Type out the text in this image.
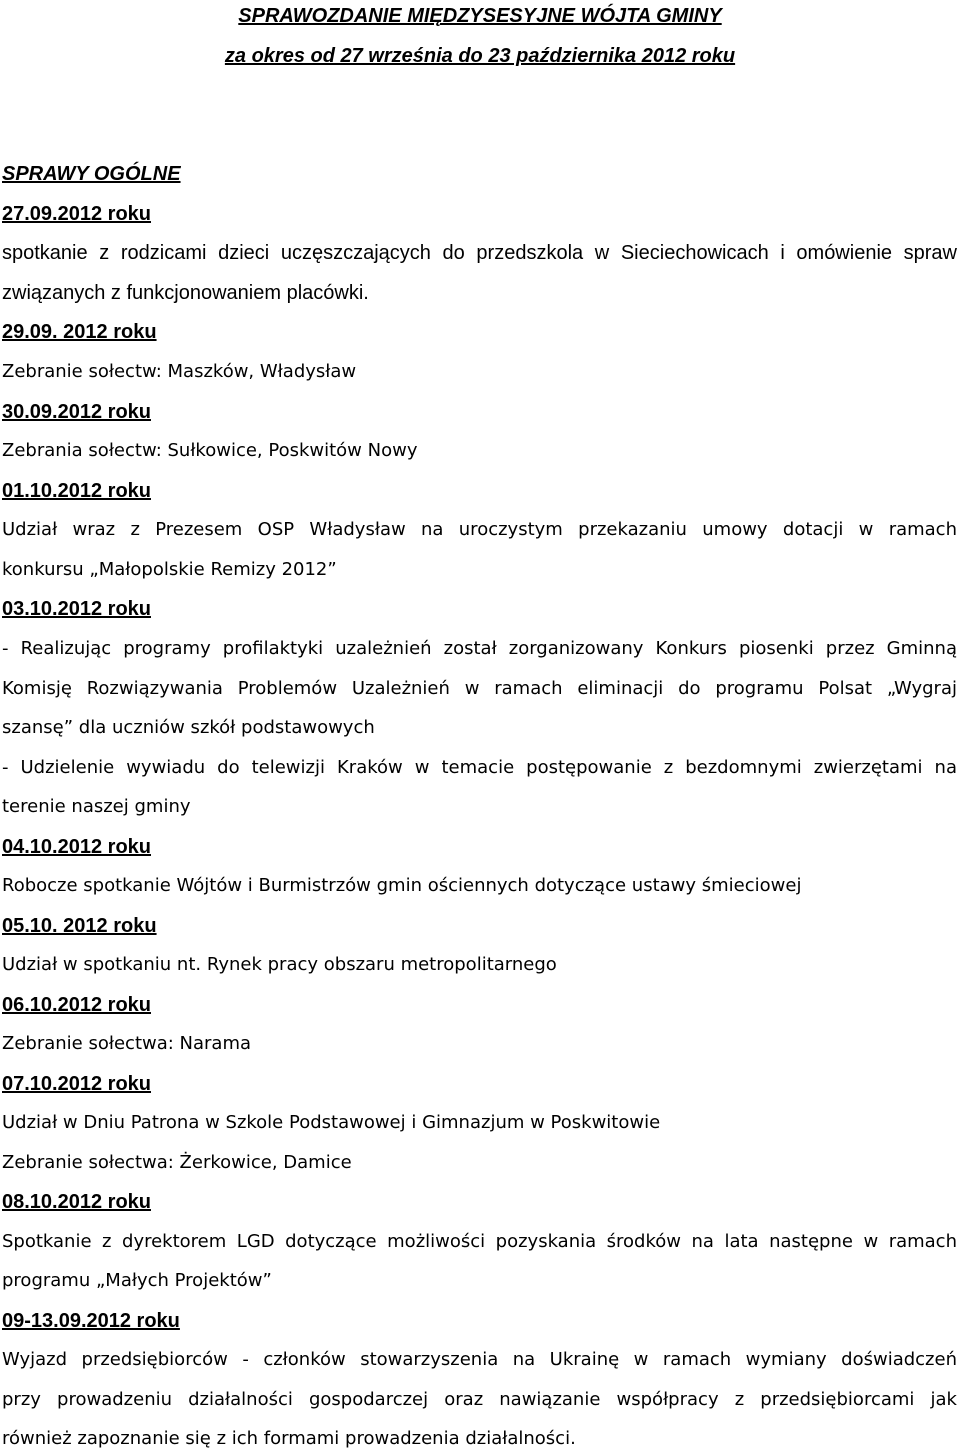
SPRAWOZDANIE MIĘDZYSESYJNE WÓJTA GMINY
za okres od 27 września do 23 października 2012 roku
SPRAWY OGÓLNE
27.09.2012 roku
spotkanie z rodzicami dzieci uczęszczających do przedszkola w Sieciechowicach i omówienie spraw
związanych z funkcjonowaniem placówki.
29.09. 2012 roku
Zebranie sołectw: Maszków, Władysław
30.09.2012 roku
Zebrania sołectw: Sułkowice, Poskwitów Nowy
01.10.2012 roku
Udział wraz z Prezesem OSP Władysław na uroczystym przekazaniu umowy dotacji w ramach
konkursu „Małopolskie Remizy 2012”
03.10.2012 roku
- Realizując programy profilaktyki uzależnień został zorganizowany Konkurs piosenki przez Gminną
Komisję Rozwiązywania Problemów Uzależnień w ramach eliminacji do programu Polsat „Wygraj
szansę” dla uczniów szkół podstawowych
- Udzielenie wywiadu do telewizji Kraków w temacie postępowanie z bezdomnymi zwierzętami na
terenie naszej gminy
04.10.2012 roku
Robocze spotkanie Wójtów i Burmistrzów gmin ościennych dotyczące ustawy śmieciowej
05.10. 2012 roku
Udział w spotkaniu nt. Rynek pracy obszaru metropolitarnego
06.10.2012 roku
Zebranie sołectwa: Narama
07.10.2012 roku
Udział w Dniu Patrona w Szkole Podstawowej i Gimnazjum w Poskwitowie
Zebranie sołectwa: Żerkowice, Damice
08.10.2012 roku
Spotkanie z dyrektorem LGD dotyczące możliwości pozyskania środków na lata następne w ramach
programu „Małych Projektów”
09-13.09.2012 roku
Wyjazd przedsiębiorców - członków stowarzyszenia na Ukrainę w ramach wymiany doświadczeń
przy prowadzeniu działalności gospodarczej oraz nawiązanie współpracy z przedsiębiorcami jak
również zapoznanie się z ich formami prowadzenia działalności.
